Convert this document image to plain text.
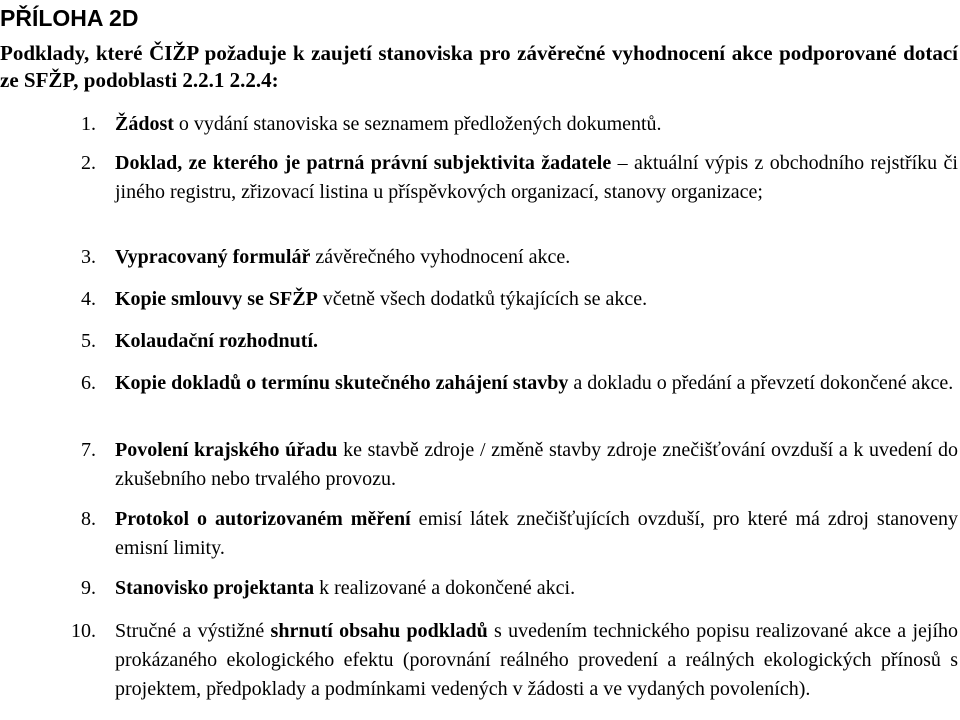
PŘÍLOHA 2D

Podklady, které ČIŽP požaduje k zaujetí stanoviska pro závěrečné vyhodnocení akce podporované dotací ze SFŽP, podoblasti 2.2.1 2.2.4:

1. Žádost o vydání stanoviska se seznamem předložených dokumentů.
2. Doklad, ze kterého je patrná právní subjektivita žadatele – aktuální výpis z obchodního rejstříku či jiného registru, zřizovací listina u příspěvkových organizací, stanovy organizace;
3. Vypracovaný formulář závěrečného vyhodnocení akce.
4. Kopie smlouvy se SFŽP včetně všech dodatků týkajících se akce.
5. Kolaudační rozhodnutí.
6. Kopie dokladů o termínu skutečného zahájení stavby a dokladu o předání a převzetí dokončené akce.
7. Povolení krajského úřadu ke stavbě zdroje / změně stavby zdroje znečišťování ovzduší a k uvedení do zkušebního nebo trvalého provozu.
8. Protokol o autorizovaném měření emisí látek znečišťujících ovzduší, pro které má zdroj stanoveny emisní limity.
9. Stanovisko projektanta k realizované a dokončené akci.
10. Stručné a výstižné shrnutí obsahu podkladů s uvedením technického popisu realizované akce a jejího prokázaného ekologického efektu (porovnání reálného provedení a reálných ekologických přínosů s projektem, předpoklady a podmínkami vedených v žádosti a ve vydaných povoleních).
